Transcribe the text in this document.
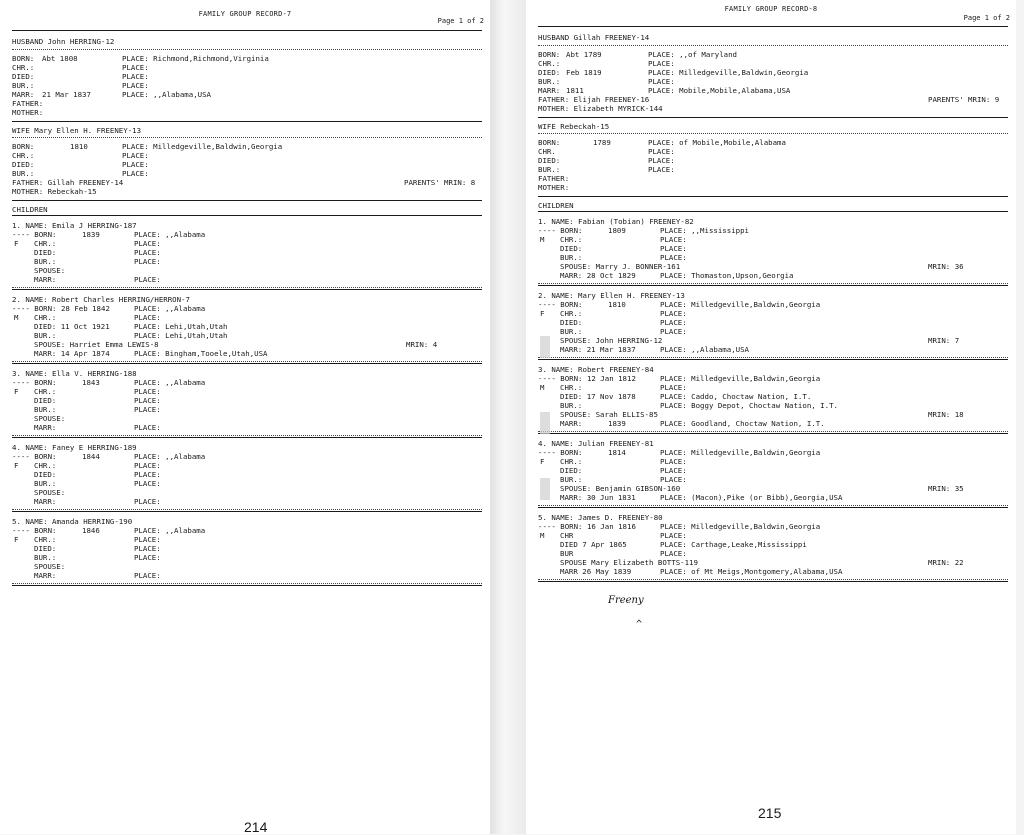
FAMILY GROUP RECORD-7
Page 1 of 2
HUSBAND John HERRING-12
BORN: Abt 1808	PLACE: Richmond,Richmond,Virginia
CHR.:	PLACE:
DIED:	PLACE:
BUR.:	PLACE:
MARR: 21 Mar 1837	PLACE: ,,Alabama,USA
FATHER:
MOTHER:
WIFE Mary Ellen H. FREENEY-13
BORN:	1810	PLACE: Milledgeville,Baldwin,Georgia
CHR.:	PLACE:
DIED:	PLACE:
BUR.:	PLACE:
FATHER: Gillah FREENEY-14	PARENTS' MRIN: 8
MOTHER: Rebeckah-15
CHILDREN
1. NAME: Emila J HERRING-187
---- BORN:	1839	PLACE: ,,Alabama
CHR.:	PLACE:
F
DIED:	PLACE:
BUR.:	PLACE:
SPOUSE:
MARR:	PLACE:
2. NAME: Robert Charles HERRING/HERRON-7
---- BORN: 28 Feb 1842	PLACE: ,,Alabama
CHR.:	PLACE:
M
DIED: 11 Oct 1921	PLACE: Lehi,Utah,Utah
BUR.:	PLACE: Lehi,Utah,Utah
SPOUSE: Harriet Emma LEWIS-8
MARR: 14 Apr 1874	PLACE: Bingham,Tooele,Utah,USA
MRIN: 4
3. NAME: Ella V. HERRING-188
---- BORN:	1843	PLACE: ,,Alabama
CHR.:	PLACE:
F
DIED:	PLACE:
BUR.:	PLACE:
SPOUSE:
MARR:	PLACE:
4. NAME: Faney E HERRING-189
---- BORN:	1844	PLACE: ,,Alabama
CHR.:	PLACE:
F
DIED:	PLACE:
BUR.:	PLACE:
SPOUSE:
MARR:	PLACE:
5. NAME: Amanda HERRING-190
---- BORN:	1846	PLACE: ,,Alabama
CHR.:	PLACE:
F
DIED:	PLACE:
BUR.:	PLACE:
SPOUSE:
MARR:	PLACE:
214
FAMILY GROUP RECORD-8
Page 1 of 2
HUSBAND Gillah FREENEY-14
BORN: Abt 1789	PLACE: ,,of Maryland
CHR.:	PLACE:
DIED: Feb 1819	PLACE: Milledgeville,Baldwin,Georgia
BUR.:	PLACE:
MARR: 1811	PLACE: Mobile,Mobile,Alabama,USA
FATHER: Elijah FREENEY-16	PARENTS' MRIN: 9
MOTHER: Elizabeth MYRICK-144
WIFE Rebeckah-15
BORN:	1789	PLACE: of Mobile,Mobile,Alabama
CHR.	PLACE:
DIED:	PLACE:
BUR.:	PLACE:
FATHER:
MOTHER:
CHILDREN
1. NAME: Fabian (Tobian) FREENEY-82
---- BORN:	1809	PLACE: ,,Mississippi
CHR.:	PLACE:
M
DIED:	PLACE:
BUR.:	PLACE:
SPOUSE: Marry J. BONNER-161
MARR: 28 Oct 1829	PLACE: Thomaston,Upson,Georgia
MRIN: 36
2. NAME: Mary Ellen H. FREENEY-13
---- BORN:	1810	PLACE: Milledgeville,Baldwin,Georgia
CHR.:	PLACE:
F
DIED:	PLACE:
BUR.:	PLACE:
SPOUSE: John HERRING-12
MARR: 21 Mar 1837	PLACE: ,,Alabama,USA
MRIN: 7
3. NAME: Robert FREENEY-84
---- BORN: 12 Jan 1812	PLACE: Milledgeville,Baldwin,Georgia
CHR.:	PLACE:
M
DIED: 17 Nov 1878	PLACE: Caddo, Choctaw Nation, I.T.
BUR.:	PLACE: Boggy Depot, Choctaw Nation, I.T.
SPOUSE: Sarah ELLIS-85
MARR:	1839	PLACE: Goodland, Choctaw Nation, I.T.
MRIN: 18
4. NAME: Julian FREENEY-81
---- BORN:	1814	PLACE: Milledgeville,Baldwin,Georgia
CHR.:	PLACE:
F
DIED:	PLACE:
BUR.:	PLACE:
SPOUSE: Benjamin GIBSON-160
MARR: 30 Jun 1831	PLACE: (Macon),Pike (or Bibb),Georgia,USA
MRIN: 35
5. NAME: James D. FREENEY-80
---- BORN: 16 Jan 1816	PLACE: Milledgeville,Baldwin,Georgia
CHR	PLACE:
M
DIED 7 Apr 1865	PLACE: Carthage,Leake,Mississippi
BUR	PLACE:
SPOUSE Mary Elizabeth BOTTS-119
MARR 26 May 1839	PLACE: of Mt Meigs,Montgomery,Alabama,USA
MRIN: 22
Freeny
^
215
